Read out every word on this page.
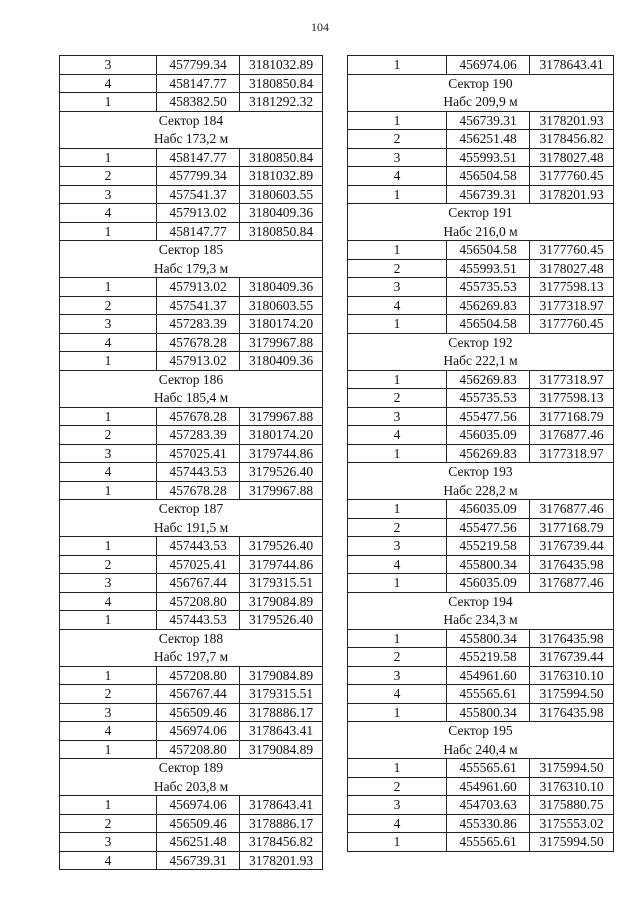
104
3	457799.34	3181032.89
4	458147.77	3180850.84
1	458382.50	3181292.32
Сектор 184
Набс 173,2 м
1	458147.77	3180850.84
2	457799.34	3181032.89
3	457541.37	3180603.55
4	457913.02	3180409.36
1	458147.77	3180850.84
Сектор 185
Набс 179,3 м
1	457913.02	3180409.36
2	457541.37	3180603.55
3	457283.39	3180174.20
4	457678.28	3179967.88
1	457913.02	3180409.36
Сектор 186
Набс 185,4 м
1	457678.28	3179967.88
2	457283.39	3180174.20
3	457025.41	3179744.86
4	457443.53	3179526.40
1	457678.28	3179967.88
Сектор 187
Набс 191,5 м
1	457443.53	3179526.40
2	457025.41	3179744.86
3	456767.44	3179315.51
4	457208.80	3179084.89
1	457443.53	3179526.40
Сектор 188
Набс 197,7 м
1	457208.80	3179084.89
2	456767.44	3179315.51
3	456509.46	3178886.17
4	456974.06	3178643.41
1	457208.80	3179084.89
Сектор 189
Набс 203,8 м
1	456974.06	3178643.41
2	456509.46	3178886.17
3	456251.48	3178456.82
4	456739.31	3178201.93
1	456974.06	3178643.41
Сектор 190
Набс 209,9 м
1	456739.31	3178201.93
2	456251.48	3178456.82
3	455993.51	3178027.48
4	456504.58	3177760.45
1	456739.31	3178201.93
Сектор 191
Набс 216,0 м
1	456504.58	3177760.45
2	455993.51	3178027.48
3	455735.53	3177598.13
4	456269.83	3177318.97
1	456504.58	3177760.45
Сектор 192
Набс 222,1 м
1	456269.83	3177318.97
2	455735.53	3177598.13
3	455477.56	3177168.79
4	456035.09	3176877.46
1	456269.83	3177318.97
Сектор 193
Набс 228,2 м
1	456035.09	3176877.46
2	455477.56	3177168.79
3	455219.58	3176739.44
4	455800.34	3176435.98
1	456035.09	3176877.46
Сектор 194
Набс 234,3 м
1	455800.34	3176435.98
2	455219.58	3176739.44
3	454961.60	3176310.10
4	455565.61	3175994.50
1	455800.34	3176435.98
Сектор 195
Набс 240,4 м
1	455565.61	3175994.50
2	454961.60	3176310.10
3	454703.63	3175880.75
4	455330.86	3175553.02
1	455565.61	3175994.50
